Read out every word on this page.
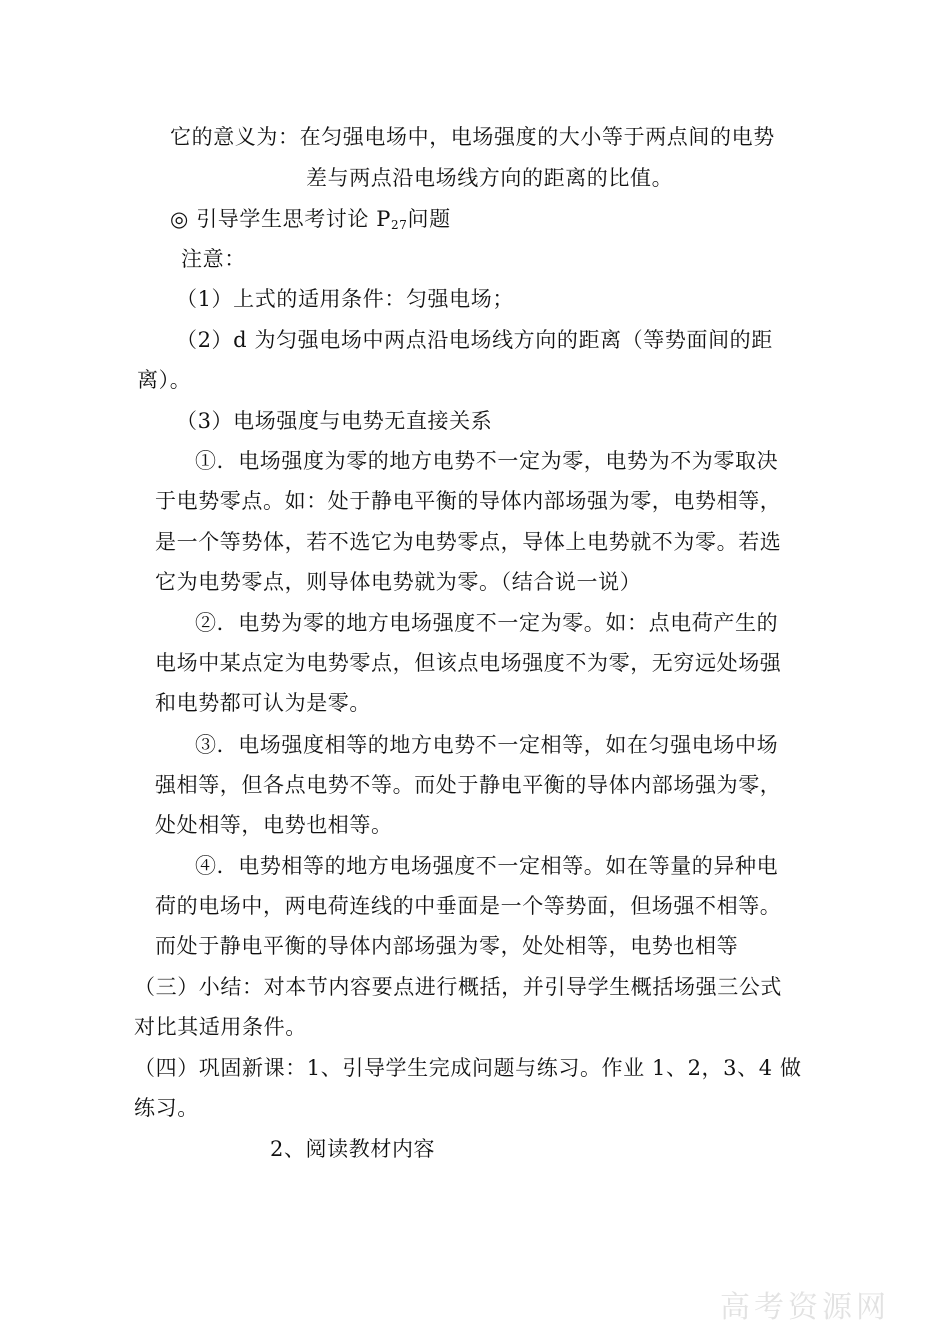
它的意义为：在匀强电场中，电场强度的大小等于两点间的电势
差与两点沿电场线方向的距离的比值。
◎ 引导学生思考讨论 $P_{27}$问题
注意：
（1）上式的适用条件：匀强电场；
（2）d 为匀强电场中两点沿电场线方向的距离（等势面间的距
离）。
（3）电场强度与电势无直接关系
①．电场强度为零的地方电势不一定为零，电势为不为零取决
于电势零点。如：处于静电平衡的导体内部场强为零，电势相等，
是一个等势体，若不选它为电势零点，导体上电势就不为零。若选
它为电势零点，则导体电势就为零。（结合说一说）
②．电势为零的地方电场强度不一定为零。如：点电荷产生的
电场中某点定为电势零点，但该点电场强度不为零，无穷远处场强
和电势都可认为是零。
③．电场强度相等的地方电势不一定相等，如在匀强电场中场
强相等，但各点电势不等。而处于静电平衡的导体内部场强为零，
处处相等，电势也相等。
④．电势相等的地方电场强度不一定相等。如在等量的异种电
荷的电场中，两电荷连线的中垂面是一个等势面，但场强不相等。
而处于静电平衡的导体内部场强为零，处处相等，电势也相等
（三）小结：对本节内容要点进行概括，并引导学生概括场强三公式
对比其适用条件。
（四）巩固新课：1、引导学生完成问题与练习。作业 1、2，3、4 做
练习。
2、阅读教材内容
高考资源网
